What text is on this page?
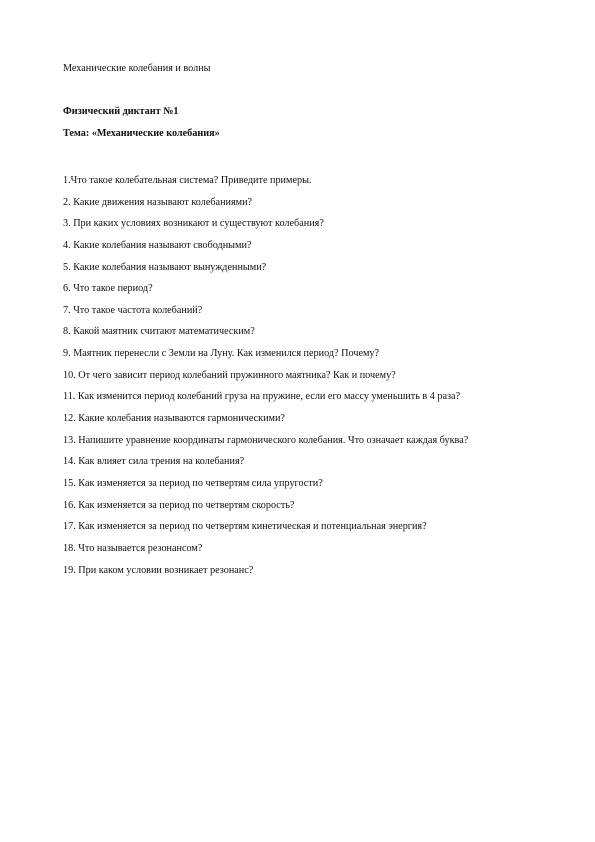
Механические колебания и волны
Физический диктант №1
Тема: «Механические колебания»
1.Что такое колебательная система? Приведите примеры.
2. Какие движения называют колебаниями?
3. При каких условиях возникают и существуют колебания?
4. Какие колебания называют свободными?
5. Какие колебания называют вынужденными?
6. Что такое период?
7. Что такое частота колебаний?
8. Какой маятник считают математическим?
9. Маятник перенесли с Земли на Луну. Как изменился период? Почему?
10. От чего зависит период колебаний пружинного маятника? Как и почему?
11. Как изменится период колебаний груза на пружине, если его массу уменьшить в 4 раза?
12. Какие колебания называются гармоническими?
13. Напишите уравнение координаты гармонического колебания. Что означает каждая буква?
14. Как влияет сила трения на колебания?
15. Как изменяется за период по четвертям сила упругости?
16. Как изменяется за период по четвертям скорость?
17. Как изменяется за период по четвертям кинетическая и потенциальная энергия?
18. Что называется резонансом?
19. При каком условии возникает резонанс?
